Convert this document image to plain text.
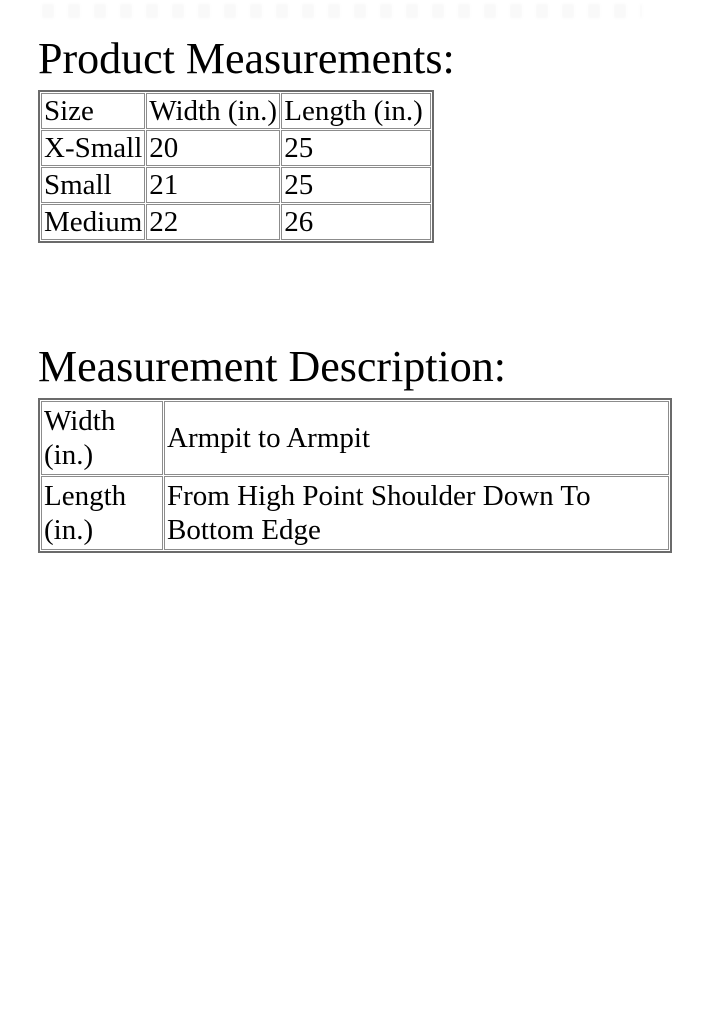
Product Measurements:
Size	Width (in.)	Length (in.)
X-Small	20	25
Small	21	25
Medium	22	26
Measurement Description:
Width (in.)	Armpit to Armpit
Length (in.)	From High Point Shoulder Down To Bottom Edge
